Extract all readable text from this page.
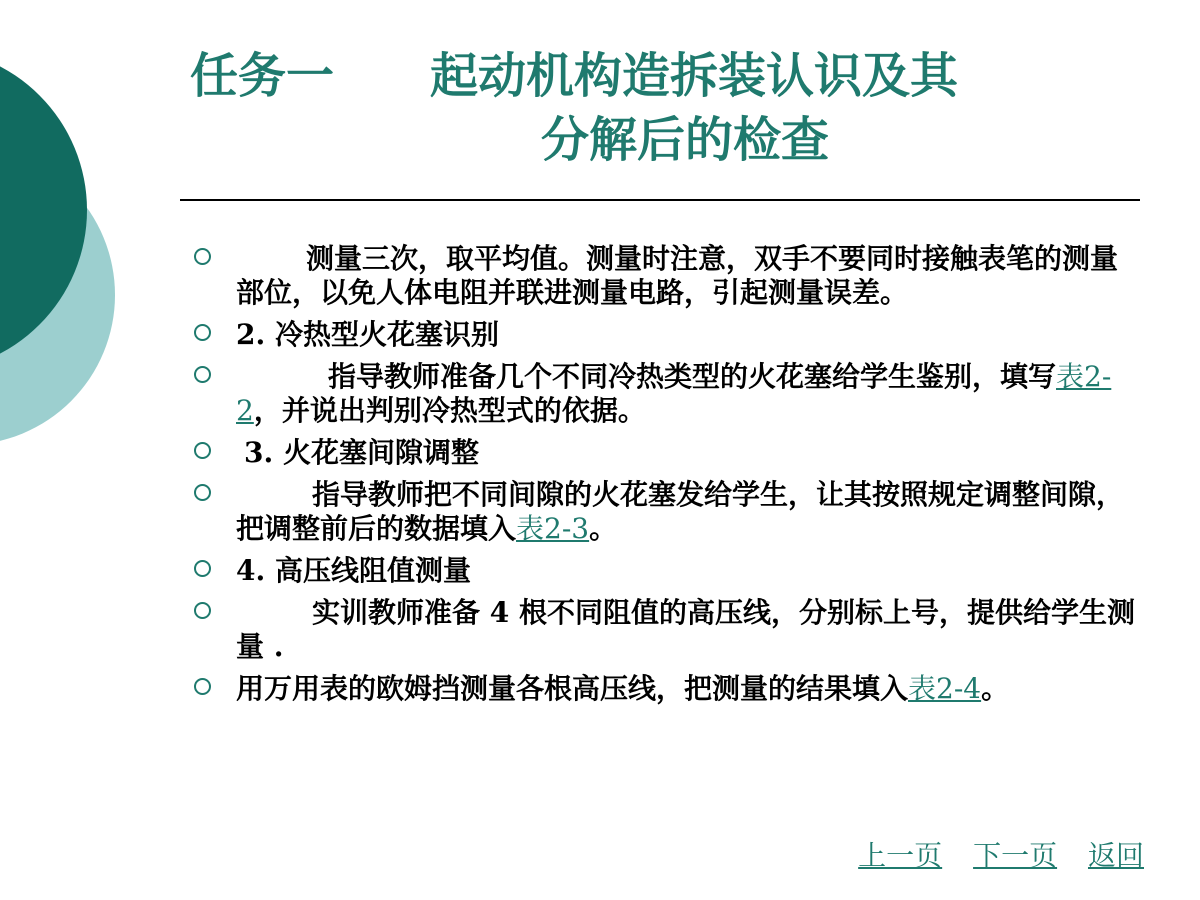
任务一　　起动机构造拆装认识及其
分解后的检查
测量三次，取平均值。测量时注意，双手不要同时接触表笔的测量部位，以免人体电阻并联进测量电路，引起测量误差。
2. 冷热型火花塞识别
指导教师准备几个不同冷热类型的火花塞给学生鉴别，填写表2-2，并说出判别冷热型式的依据。
3. 火花塞间隙调整
指导教师把不同间隙的火花塞发给学生，让其按照规定调整间隙，把调整前后的数据填入表2-3。
4. 高压线阻值测量
实训教师准备 4 根不同阻值的高压线，分别标上号，提供给学生测量 .
用万用表的欧姆挡测量各根高压线，把测量的结果填入表2-4。
上一页 下一页 返回
